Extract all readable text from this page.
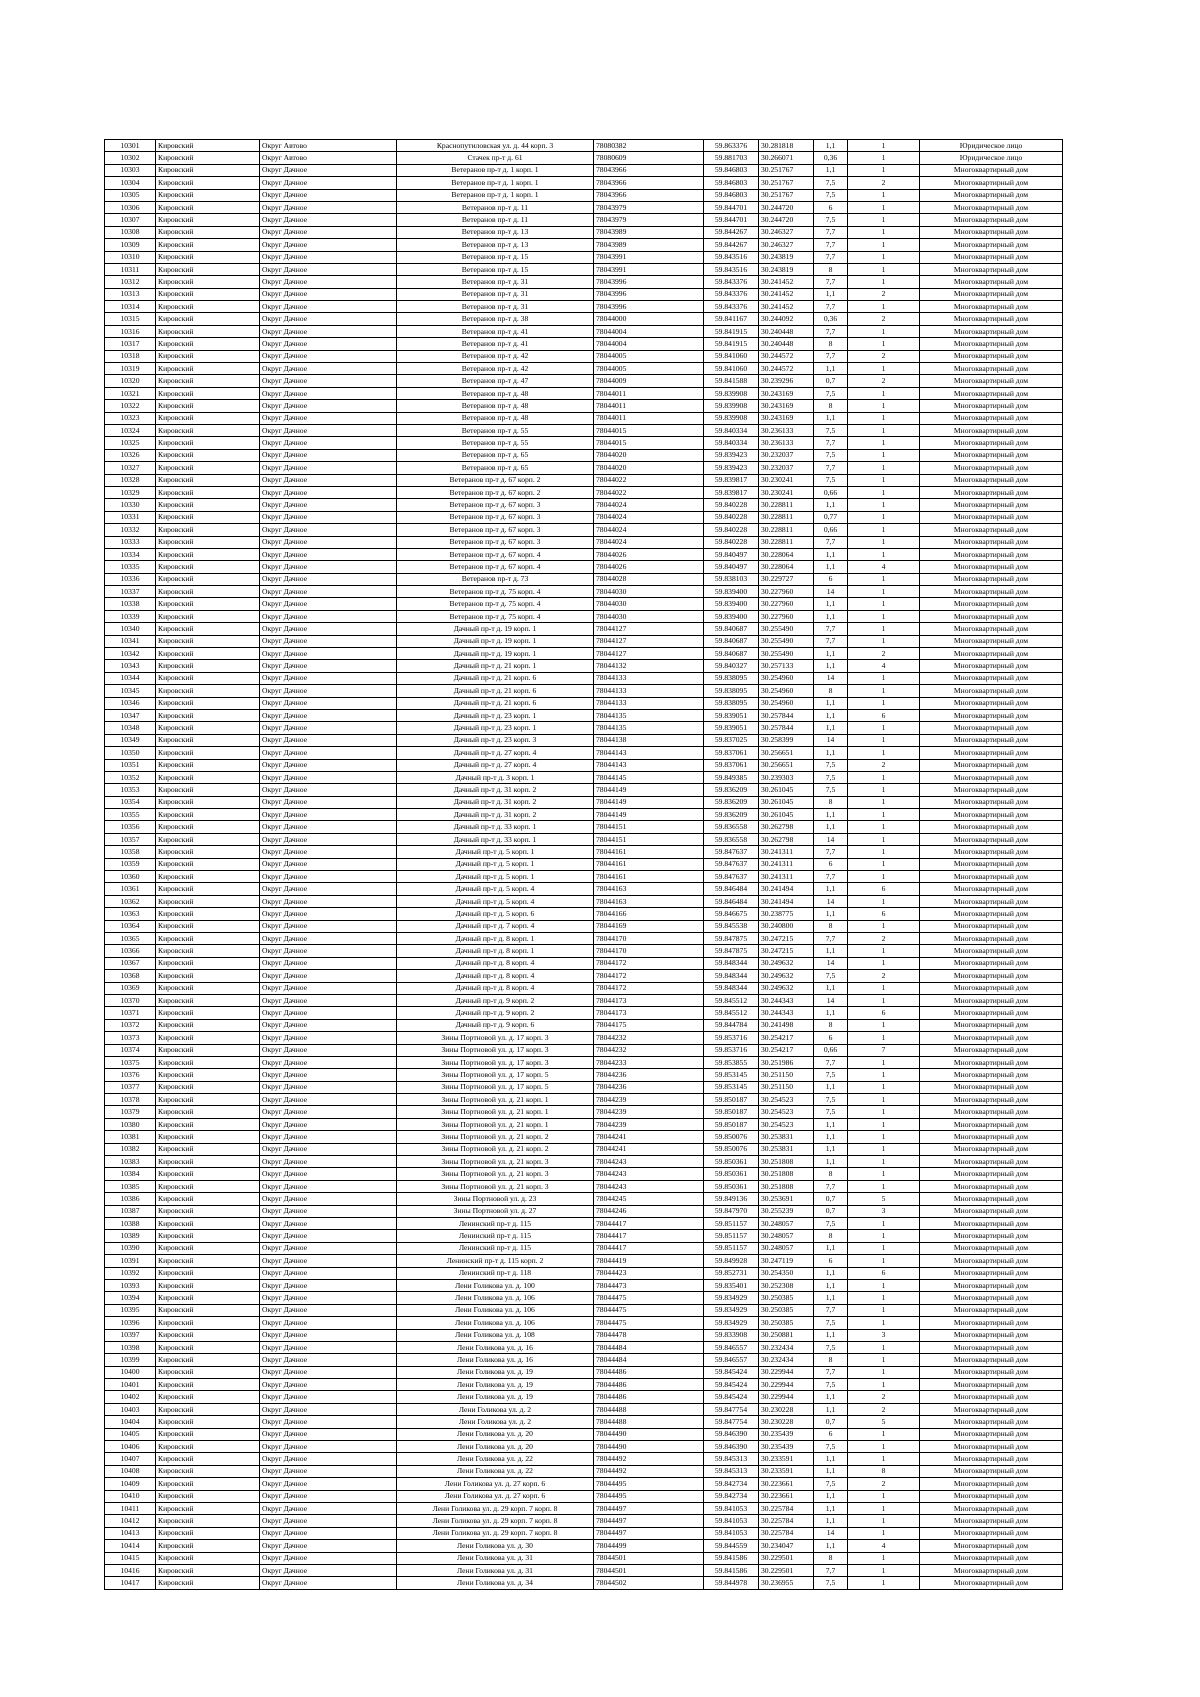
10301	Кировский	Округ Автово	Краснопутиловская ул. д. 44 корп. 3	78080382	59.863376	30.281818	1,1	1	Юридическое лицо
10302	Кировский	Округ Автово	Стачек пр-т д. 61	78080609	59.881703	30.266071	0,36	1	Юридическое лицо
10303	Кировский	Округ Дачное	Ветеранов пр-т д. 1 корп. 1	78043966	59.846803	30.251767	1,1	1	Многоквартирный дом
10304	Кировский	Округ Дачное	Ветеранов пр-т д. 1 корп. 1	78043966	59.846803	30.251767	7,5	2	Многоквартирный дом
10305	Кировский	Округ Дачное	Ветеранов пр-т д. 1 корп. 1	78043966	59.846803	30.251767	7,5	1	Многоквартирный дом
10306	Кировский	Округ Дачное	Ветеранов пр-т д. 11	78043979	59.844701	30.244720	6	1	Многоквартирный дом
10307	Кировский	Округ Дачное	Ветеранов пр-т д. 11	78043979	59.844701	30.244720	7,5	1	Многоквартирный дом
10308	Кировский	Округ Дачное	Ветеранов пр-т д. 13	78043989	59.844267	30.246327	7,7	1	Многоквартирный дом
10309	Кировский	Округ Дачное	Ветеранов пр-т д. 13	78043989	59.844267	30.246327	7,7	1	Многоквартирный дом
10310	Кировский	Округ Дачное	Ветеранов пр-т д. 15	78043991	59.843516	30.243819	7,7	1	Многоквартирный дом
10311	Кировский	Округ Дачное	Ветеранов пр-т д. 15	78043991	59.843516	30.243819	8	1	Многоквартирный дом
10312	Кировский	Округ Дачное	Ветеранов пр-т д. 31	78043996	59.843376	30.241452	7,7	1	Многоквартирный дом
10313	Кировский	Округ Дачное	Ветеранов пр-т д. 31	78043996	59.843376	30.241452	1,1	2	Многоквартирный дом
10314	Кировский	Округ Дачное	Ветеранов пр-т д. 31	78043996	59.843376	30.241452	7,7	1	Многоквартирный дом
10315	Кировский	Округ Дачное	Ветеранов пр-т д. 38	78044000	59.841167	30.244092	0,36	2	Многоквартирный дом
10316	Кировский	Округ Дачное	Ветеранов пр-т д. 41	78044004	59.841915	30.240448	7,7	1	Многоквартирный дом
10317	Кировский	Округ Дачное	Ветеранов пр-т д. 41	78044004	59.841915	30.240448	8	1	Многоквартирный дом
10318	Кировский	Округ Дачное	Ветеранов пр-т д. 42	78044005	59.841060	30.244572	7,7	2	Многоквартирный дом
10319	Кировский	Округ Дачное	Ветеранов пр-т д. 42	78044005	59.841060	30.244572	1,1	1	Многоквартирный дом
10320	Кировский	Округ Дачное	Ветеранов пр-т д. 47	78044009	59.841588	30.239296	0,7	2	Многоквартирный дом
10321	Кировский	Округ Дачное	Ветеранов пр-т д. 48	78044011	59.839908	30.243169	7,5	1	Многоквартирный дом
10322	Кировский	Округ Дачное	Ветеранов пр-т д. 48	78044011	59.839908	30.243169	8	1	Многоквартирный дом
10323	Кировский	Округ Дачное	Ветеранов пр-т д. 48	78044011	59.839908	30.243169	1,1	1	Многоквартирный дом
10324	Кировский	Округ Дачное	Ветеранов пр-т д. 55	78044015	59.840334	30.236133	7,5	1	Многоквартирный дом
10325	Кировский	Округ Дачное	Ветеранов пр-т д. 55	78044015	59.840334	30.236133	7,7	1	Многоквартирный дом
10326	Кировский	Округ Дачное	Ветеранов пр-т д. 65	78044020	59.839423	30.232037	7,5	1	Многоквартирный дом
10327	Кировский	Округ Дачное	Ветеранов пр-т д. 65	78044020	59.839423	30.232037	7,7	1	Многоквартирный дом
10328	Кировский	Округ Дачное	Ветеранов пр-т д. 67 корп. 2	78044022	59.839817	30.230241	7,5	1	Многоквартирный дом
10329	Кировский	Округ Дачное	Ветеранов пр-т д. 67 корп. 2	78044022	59.839817	30.230241	0,66	1	Многоквартирный дом
10330	Кировский	Округ Дачное	Ветеранов пр-т д. 67 корп. 3	78044024	59.840228	30.228811	1,1	1	Многоквартирный дом
10331	Кировский	Округ Дачное	Ветеранов пр-т д. 67 корп. 3	78044024	59.840228	30.228811	0,77	1	Многоквартирный дом
10332	Кировский	Округ Дачное	Ветеранов пр-т д. 67 корп. 3	78044024	59.840228	30.228811	0,66	1	Многоквартирный дом
10333	Кировский	Округ Дачное	Ветеранов пр-т д. 67 корп. 3	78044024	59.840228	30.228811	7,7	1	Многоквартирный дом
10334	Кировский	Округ Дачное	Ветеранов пр-т д. 67 корп. 4	78044026	59.840497	30.228064	1,1	1	Многоквартирный дом
10335	Кировский	Округ Дачное	Ветеранов пр-т д. 67 корп. 4	78044026	59.840497	30.228064	1,1	4	Многоквартирный дом
10336	Кировский	Округ Дачное	Ветеранов пр-т д. 73	78044028	59.838103	30.229727	6	1	Многоквартирный дом
10337	Кировский	Округ Дачное	Ветеранов пр-т д. 75 корп. 4	78044030	59.839400	30.227960	14	1	Многоквартирный дом
10338	Кировский	Округ Дачное	Ветеранов пр-т д. 75 корп. 4	78044030	59.839400	30.227960	1,1	1	Многоквартирный дом
10339	Кировский	Округ Дачное	Ветеранов пр-т д. 75 корп. 4	78044030	59.839400	30.227960	1,1	1	Многоквартирный дом
10340	Кировский	Округ Дачное	Дачный пр-т д. 19 корп. 1	78044127	59.840687	30.255490	7,7	1	Многоквартирный дом
10341	Кировский	Округ Дачное	Дачный пр-т д. 19 корп. 1	78044127	59.840687	30.255490	7,7	1	Многоквартирный дом
10342	Кировский	Округ Дачное	Дачный пр-т д. 19 корп. 1	78044127	59.840687	30.255490	1,1	2	Многоквартирный дом
10343	Кировский	Округ Дачное	Дачный пр-т д. 21 корп. 1	78044132	59.840327	30.257133	1,1	4	Многоквартирный дом
10344	Кировский	Округ Дачное	Дачный пр-т д. 21 корп. 6	78044133	59.838095	30.254960	14	1	Многоквартирный дом
10345	Кировский	Округ Дачное	Дачный пр-т д. 21 корп. 6	78044133	59.838095	30.254960	8	1	Многоквартирный дом
10346	Кировский	Округ Дачное	Дачный пр-т д. 21 корп. 6	78044133	59.838095	30.254960	1,1	1	Многоквартирный дом
10347	Кировский	Округ Дачное	Дачный пр-т д. 23 корп. 1	78044135	59.839051	30.257844	1,1	6	Многоквартирный дом
10348	Кировский	Округ Дачное	Дачный пр-т д. 23 корп. 1	78044135	59.839051	30.257844	1,1	1	Многоквартирный дом
10349	Кировский	Округ Дачное	Дачный пр-т д. 23 корп. 3	78044138	59.837025	30.258399	14	1	Многоквартирный дом
10350	Кировский	Округ Дачное	Дачный пр-т д. 27 корп. 4	78044143	59.837061	30.256651	1,1	1	Многоквартирный дом
10351	Кировский	Округ Дачное	Дачный пр-т д. 27 корп. 4	78044143	59.837061	30.256651	7,5	2	Многоквартирный дом
10352	Кировский	Округ Дачное	Дачный пр-т д. 3 корп. 1	78044145	59.849385	30.239303	7,5	1	Многоквартирный дом
10353	Кировский	Округ Дачное	Дачный пр-т д. 31 корп. 2	78044149	59.836209	30.261045	7,5	1	Многоквартирный дом
10354	Кировский	Округ Дачное	Дачный пр-т д. 31 корп. 2	78044149	59.836209	30.261045	8	1	Многоквартирный дом
10355	Кировский	Округ Дачное	Дачный пр-т д. 31 корп. 2	78044149	59.836209	30.261045	1,1	1	Многоквартирный дом
10356	Кировский	Округ Дачное	Дачный пр-т д. 33 корп. 1	78044151	59.836558	30.262798	1,1	1	Многоквартирный дом
10357	Кировский	Округ Дачное	Дачный пр-т д. 33 корп. 1	78044151	59.836558	30.262798	14	1	Многоквартирный дом
10358	Кировский	Округ Дачное	Дачный пр-т д. 5 корп. 1	78044161	59.847637	30.241311	7,7	1	Многоквартирный дом
10359	Кировский	Округ Дачное	Дачный пр-т д. 5 корп. 1	78044161	59.847637	30.241311	6	1	Многоквартирный дом
10360	Кировский	Округ Дачное	Дачный пр-т д. 5 корп. 1	78044161	59.847637	30.241311	7,7	1	Многоквартирный дом
10361	Кировский	Округ Дачное	Дачный пр-т д. 5 корп. 4	78044163	59.846484	30.241494	1,1	6	Многоквартирный дом
10362	Кировский	Округ Дачное	Дачный пр-т д. 5 корп. 4	78044163	59.846484	30.241494	14	1	Многоквартирный дом
10363	Кировский	Округ Дачное	Дачный пр-т д. 5 корп. 6	78044166	59.846675	30.238775	1,1	6	Многоквартирный дом
10364	Кировский	Округ Дачное	Дачный пр-т д. 7 корп. 4	78044169	59.845538	30.240800	8	1	Многоквартирный дом
10365	Кировский	Округ Дачное	Дачный пр-т д. 8 корп. 1	78044170	59.847875	30.247215	7,7	2	Многоквартирный дом
10366	Кировский	Округ Дачное	Дачный пр-т д. 8 корп. 1	78044170	59.847875	30.247215	1,1	1	Многоквартирный дом
10367	Кировский	Округ Дачное	Дачный пр-т д. 8 корп. 4	78044172	59.848344	30.249632	14	1	Многоквартирный дом
10368	Кировский	Округ Дачное	Дачный пр-т д. 8 корп. 4	78044172	59.848344	30.249632	7,5	2	Многоквартирный дом
10369	Кировский	Округ Дачное	Дачный пр-т д. 8 корп. 4	78044172	59.848344	30.249632	1,1	1	Многоквартирный дом
10370	Кировский	Округ Дачное	Дачный пр-т д. 9 корп. 2	78044173	59.845512	30.244343	14	1	Многоквартирный дом
10371	Кировский	Округ Дачное	Дачный пр-т д. 9 корп. 2	78044173	59.845512	30.244343	1,1	6	Многоквартирный дом
10372	Кировский	Округ Дачное	Дачный пр-т д. 9 корп. 6	78044175	59.844784	30.241498	8	1	Многоквартирный дом
10373	Кировский	Округ Дачное	Зины Портновой ул. д. 17 корп. 3	78044232	59.853716	30.254217	6	1	Многоквартирный дом
10374	Кировский	Округ Дачное	Зины Портновой ул. д. 17 корп. 3	78044232	59.853716	30.254217	0,66	7	Многоквартирный дом
10375	Кировский	Округ Дачное	Зины Портновой ул. д. 17 корп. 3	78044233	59.853855	30.251986	7,7	1	Многоквартирный дом
10376	Кировский	Округ Дачное	Зины Портновой ул. д. 17 корп. 5	78044236	59.853145	30.251150	7,5	1	Многоквартирный дом
10377	Кировский	Округ Дачное	Зины Портновой ул. д. 17 корп. 5	78044236	59.853145	30.251150	1,1	1	Многоквартирный дом
10378	Кировский	Округ Дачное	Зины Портновой ул. д. 21 корп. 1	78044239	59.850187	30.254523	7,5	1	Многоквартирный дом
10379	Кировский	Округ Дачное	Зины Портновой ул. д. 21 корп. 1	78044239	59.850187	30.254523	7,5	1	Многоквартирный дом
10380	Кировский	Округ Дачное	Зины Портновой ул. д. 21 корп. 1	78044239	59.850187	30.254523	1,1	1	Многоквартирный дом
10381	Кировский	Округ Дачное	Зины Портновой ул. д. 21 корп. 2	78044241	59.850076	30.253831	1,1	1	Многоквартирный дом
10382	Кировский	Округ Дачное	Зины Портновой ул. д. 21 корп. 2	78044241	59.850076	30.253831	1,1	1	Многоквартирный дом
10383	Кировский	Округ Дачное	Зины Портновой ул. д. 21 корп. 3	78044243	59.850361	30.251808	1,1	1	Многоквартирный дом
10384	Кировский	Округ Дачное	Зины Портновой ул. д. 21 корп. 3	78044243	59.850361	30.251808	8	1	Многоквартирный дом
10385	Кировский	Округ Дачное	Зины Портновой ул. д. 21 корп. 3	78044243	59.850361	30.251808	7,7	1	Многоквартирный дом
10386	Кировский	Округ Дачное	Зины Портновой ул. д. 23	78044245	59.849136	30.253691	0,7	5	Многоквартирный дом
10387	Кировский	Округ Дачное	Зины Портновой ул. д. 27	78044246	59.847970	30.255239	0,7	3	Многоквартирный дом
10388	Кировский	Округ Дачное	Ленинский пр-т д. 115	78044417	59.851157	30.248057	7,5	1	Многоквартирный дом
10389	Кировский	Округ Дачное	Ленинский пр-т д. 115	78044417	59.851157	30.248057	8	1	Многоквартирный дом
10390	Кировский	Округ Дачное	Ленинский пр-т д. 115	78044417	59.851157	30.248057	1,1	1	Многоквартирный дом
10391	Кировский	Округ Дачное	Ленинский пр-т д. 115 корп. 2	78044419	59.849928	30.247119	6	1	Многоквартирный дом
10392	Кировский	Округ Дачное	Ленинский пр-т д. 118	78044423	59.852731	30.254350	1,1	6	Многоквартирный дом
10393	Кировский	Округ Дачное	Лени Голикова ул. д. 100	78044473	59.835401	30.252308	1,1	1	Многоквартирный дом
10394	Кировский	Округ Дачное	Лени Голикова ул. д. 106	78044475	59.834929	30.250385	1,1	1	Многоквартирный дом
10395	Кировский	Округ Дачное	Лени Голикова ул. д. 106	78044475	59.834929	30.250385	7,7	1	Многоквартирный дом
10396	Кировский	Округ Дачное	Лени Голикова ул. д. 106	78044475	59.834929	30.250385	7,5	1	Многоквартирный дом
10397	Кировский	Округ Дачное	Лени Голикова ул. д. 108	78044478	59.833908	30.250881	1,1	3	Многоквартирный дом
10398	Кировский	Округ Дачное	Лени Голикова ул. д. 16	78044484	59.846557	30.232434	7,5	1	Многоквартирный дом
10399	Кировский	Округ Дачное	Лени Голикова ул. д. 16	78044484	59.846557	30.232434	8	1	Многоквартирный дом
10400	Кировский	Округ Дачное	Лени Голикова ул. д. 19	78044486	59.845424	30.229944	7,7	1	Многоквартирный дом
10401	Кировский	Округ Дачное	Лени Голикова ул. д. 19	78044486	59.845424	30.229944	7,5	1	Многоквартирный дом
10402	Кировский	Округ Дачное	Лени Голикова ул. д. 19	78044486	59.845424	30.229944	1,1	2	Многоквартирный дом
10403	Кировский	Округ Дачное	Лени Голикова ул. д. 2	78044488	59.847754	30.230228	1,1	2	Многоквартирный дом
10404	Кировский	Округ Дачное	Лени Голикова ул. д. 2	78044488	59.847754	30.230228	0,7	5	Многоквартирный дом
10405	Кировский	Округ Дачное	Лени Голикова ул. д. 20	78044490	59.846390	30.235439	6	1	Многоквартирный дом
10406	Кировский	Округ Дачное	Лени Голикова ул. д. 20	78044490	59.846390	30.235439	7,5	1	Многоквартирный дом
10407	Кировский	Округ Дачное	Лени Голикова ул. д. 22	78044492	59.845313	30.233591	1,1	1	Многоквартирный дом
10408	Кировский	Округ Дачное	Лени Голикова ул. д. 22	78044492	59.845313	30.233591	1,1	8	Многоквартирный дом
10409	Кировский	Округ Дачное	Лени Голикова ул. д. 27 корп. 6	78044495	59.842734	30.223661	7,5	2	Многоквартирный дом
10410	Кировский	Округ Дачное	Лени Голикова ул. д. 27 корп. 6	78044495	59.842734	30.223661	1,1	1	Многоквартирный дом
10411	Кировский	Округ Дачное	Лени Голикова ул. д. 29 корп. 7 корп. 8	78044497	59.841053	30.225784	1,1	1	Многоквартирный дом
10412	Кировский	Округ Дачное	Лени Голикова ул. д. 29 корп. 7 корп. 8	78044497	59.841053	30.225784	1,1	1	Многоквартирный дом
10413	Кировский	Округ Дачное	Лени Голикова ул. д. 29 корп. 7 корп. 8	78044497	59.841053	30.225784	14	1	Многоквартирный дом
10414	Кировский	Округ Дачное	Лени Голикова ул. д. 30	78044499	59.844559	30.234047	1,1	4	Многоквартирный дом
10415	Кировский	Округ Дачное	Лени Голикова ул. д. 31	78044501	59.841586	30.229501	8	1	Многоквартирный дом
10416	Кировский	Округ Дачное	Лени Голикова ул. д. 31	78044501	59.841586	30.229501	7,7	1	Многоквартирный дом
10417	Кировский	Округ Дачное	Лени Голикова ул. д. 34	78044502	59.844978	30.236955	7,5	1	Многоквартирный дом
